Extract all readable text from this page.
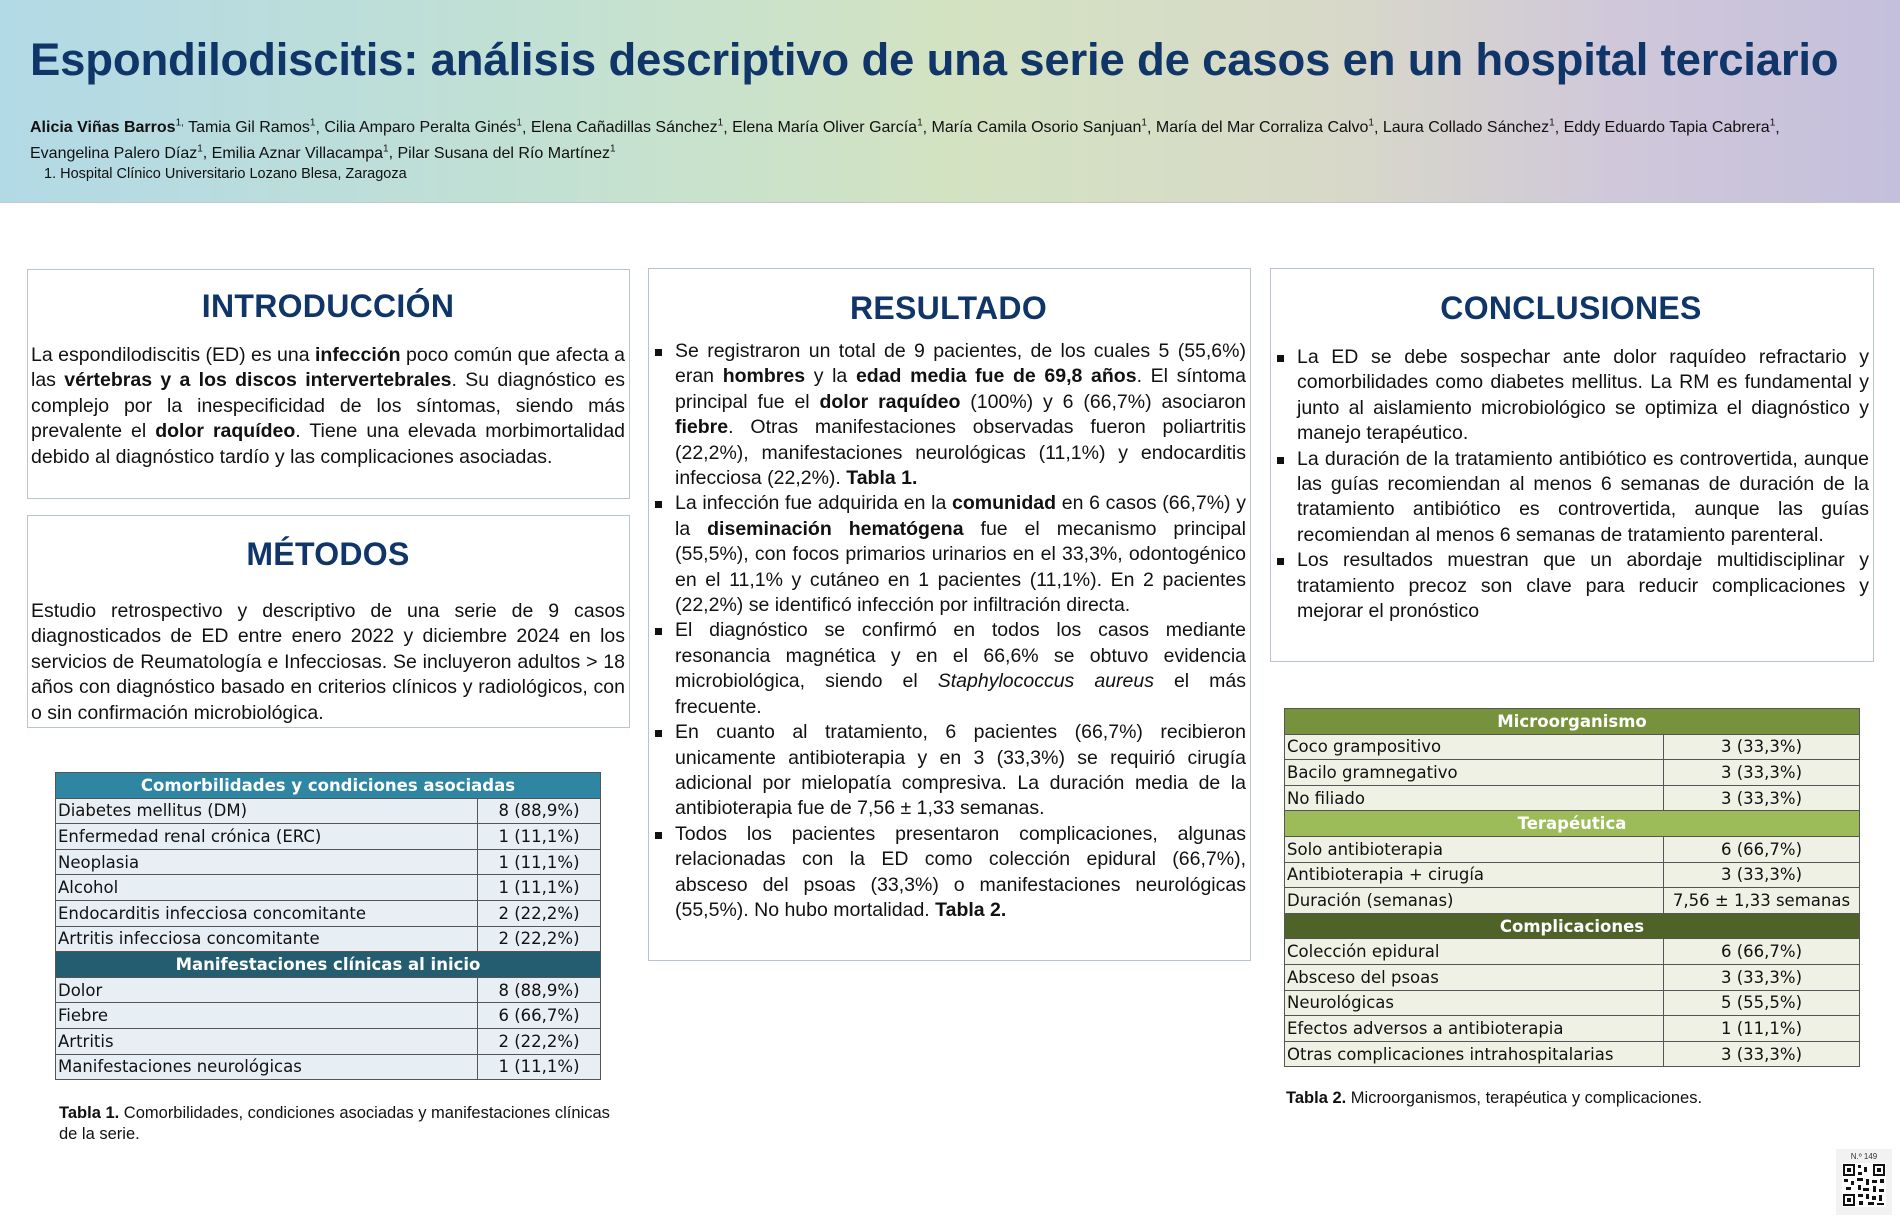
Espondilodiscitis: análisis descriptivo de una serie de casos en un hospital terciario
Alicia Viñas Barros$^{1,}$ Tamia Gil Ramos$^1$, Cilia Amparo Peralta Ginés$^1$, Elena Cañadillas Sánchez$^1$, Elena María Oliver García$^1$, María Camila Osorio Sanjuan$^1$, María del Mar Corraliza Calvo$^1$, Laura Collado Sánchez$^1$, Eddy Eduardo Tapia Cabrera$^1$, Evangelina Palero Díaz$^1$, Emilia Aznar Villacampa$^1$, Pilar Susana del Río Martínez$^1$
1. Hospital Clínico Universitario Lozano Blesa, Zaragoza
INTRODUCCIÓN

La espondilodiscitis (ED) es una infección poco común que afecta a las vértebras y a los discos intervertebrales. Su diagnóstico es complejo por la inespecificidad de los síntomas, siendo más prevalente el dolor raquídeo. Tiene una elevada morbimortalidad debido al diagnóstico tardío y las complicaciones asociadas.

MÉTODOS

Estudio retrospectivo y descriptivo de una serie de 9 casos diagnosticados de ED entre enero 2022 y diciembre 2024 en los servicios de Reumatología e Infecciosas. Se incluyeron adultos > 18 años con diagnóstico basado en criterios clínicos y radiológicos, con o sin confirmación microbiológica.

RESULTADO
Se registraron un total de 9 pacientes, de los cuales 5 (55,6%) eran hombres y la edad media fue de 69,8 años. El síntoma principal fue el dolor raquídeo (100%) y 6 (66,7%) asociaron fiebre. Otras manifestaciones observadas fueron poliartritis (22,2%), manifestaciones neurológicas (11,1%) y endocarditis infecciosa (22,2%). Tabla 1.
La infección fue adquirida en la comunidad en 6 casos (66,7%) y la diseminación hematógena fue el mecanismo principal (55,5%), con focos primarios urinarios en el 33,3%, odontogénico en el 11,1% y cutáneo en 1 pacientes (11,1%). En 2 pacientes (22,2%) se identificó infección por infiltración directa.
El diagnóstico se confirmó en todos los casos mediante resonancia magnética y en el 66,6% se obtuvo evidencia microbiológica, siendo el Staphylococcus aureus el más frecuente.
En cuanto al tratamiento, 6 pacientes (66,7%) recibieron unicamente antibioterapia y en 3 (33,3%) se requirió cirugía adicional por mielopatía compresiva. La duración media de la antibioterapia fue de 7,56 ± 1,33 semanas.
Todos los pacientes presentaron complicaciones, algunas relacionadas con la ED como colección epidural (66,7%), absceso del psoas (33,3%) o manifestaciones neurológicas (55,5%). No hubo mortalidad. Tabla 2.
CONCLUSIONES
La ED se debe sospechar ante dolor raquídeo refractario y comorbilidades como diabetes mellitus. La RM es fundamental y junto al aislamiento microbiológico se optimiza el diagnóstico y manejo terapéutico.
La duración de la tratamiento antibiótico es controvertida, aunque las guías recomiendan al menos 6 semanas de duración de la tratamiento antibiótico es controvertida, aunque las guías recomiendan al menos 6 semanas de tratamiento parenteral.
Los resultados muestran que un abordaje multidisciplinar y tratamiento precoz son clave para reducir complicaciones y mejorar el pronóstico
Comorbilidades y condiciones asociadas	
Diabetes mellitus (DM)	8 (88,9%)
Enfermedad renal crónica (ERC)	1 (11,1%)
Neoplasia	1 (11,1%)
Alcohol	1 (11,1%)
Endocarditis infecciosa concomitante	2 (22,2%)
Artritis infecciosa concomitante	2 (22,2%)
Manifestaciones clínicas al inicio	
Dolor	8 (88,9%)
Fiebre	6 (66,7%)
Artritis	2 (22,2%)
Manifestaciones neurológicas	1 (11,1%)
Tabla 1. Comorbilidades, condiciones asociadas y manifestaciones clínicas de la serie.
Microorganismo	
Coco grampositivo	3 (33,3%)
Bacilo gramnegativo	3 (33,3%)
No filiado	3 (33,3%)
Terapéutica	
Solo antibioterapia	6 (66,7%)
Antibioterapia + cirugía	3 (33,3%)
Duración (semanas)	7,56 ± 1,33 semanas
Complicaciones	
Colección epidural	6 (66,7%)
Absceso del psoas	3 (33,3%)
Neurológicas	5 (55,5%)
Efectos adversos a antibioterapia	1 (11,1%)
Otras complicaciones intrahospitalarias	3 (33,3%)
Tabla 2. Microorganismos, terapéutica y complicaciones.
N.º 149
